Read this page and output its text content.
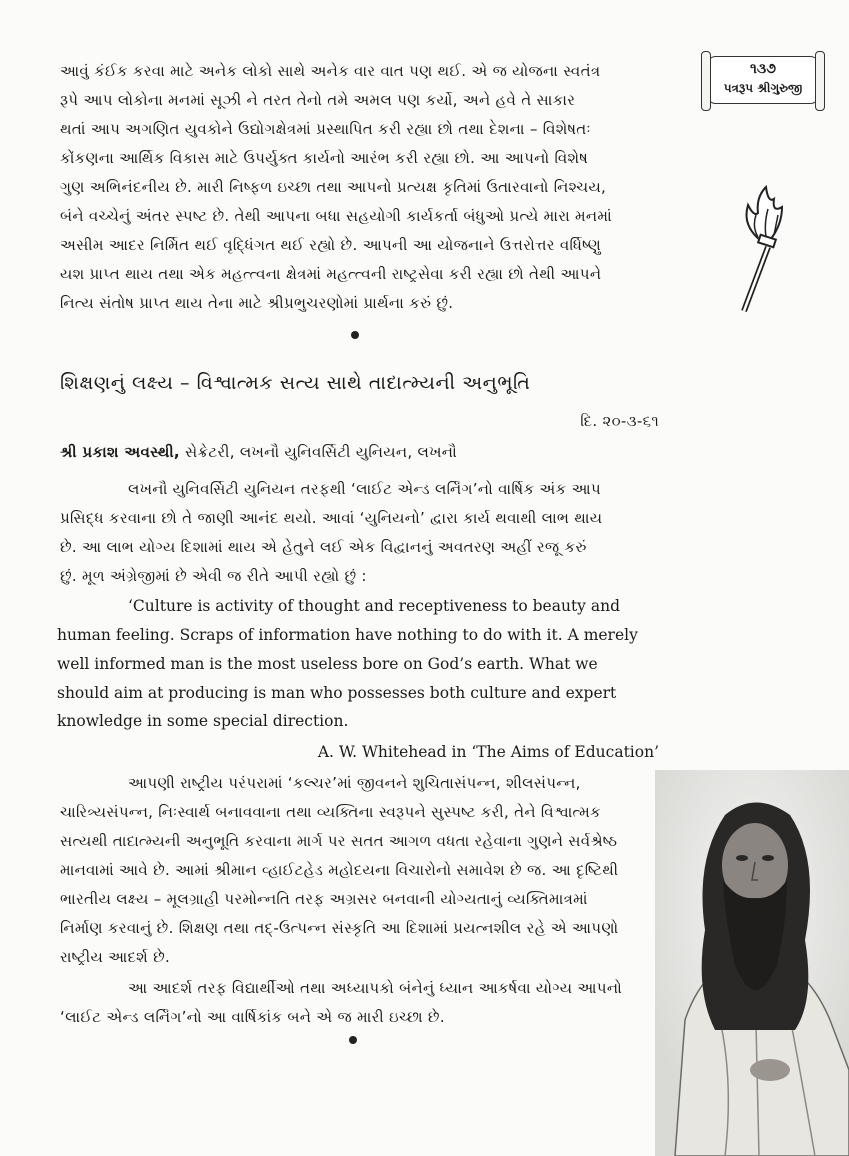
૧૩૭
પત્રરૂપ શ્રીગુરુજી
આવું કંઈક કરવા માટે અનેક લોકો સાથે અનેક વાર વાત પણ થઈ. એ જ યોજના સ્વતંત્ર
રૂપે આપ લોકોના મનમાં સૂઝી ને તરત તેનો તમે અમલ પણ કર્યો, અને હવે તે સાકાર
થતાં આપ અગણિત યુવકોને ઉદ્યોગક્ષેત્રમાં પ્રસ્થાપિત કરી રહ્યા છો તથા દેશના – વિશેષતઃ
કોંકણના આર્થિક વિકાસ માટે ઉપર્યુક્ત કાર્યનો આરંભ કરી રહ્યા છો. આ આપનો વિશેષ
ગુણ અભિનંદનીય છે. મારી નિષ્ફળ ઇચ્છા તથા આપનો પ્રત્યક્ષ કૃતિમાં ઉતારવાનો નિશ્ચય,
બંને વચ્ચેનું અંતર સ્પષ્ટ છે. તેથી આપના બધા સહયોગી કાર્યકર્તા બંધુઓ પ્રત્યે મારા મનમાં
અસીમ આદર નિર્મિત થઈ વૃદ્ધિંગત થઈ રહ્યો છે. આપની આ યોજનાને ઉત્તરોત્તર વર્ધિષ્ણુ
યશ પ્રાપ્ત થાય તથા એક મહત્ત્વના ક્ષેત્રમાં મહત્ત્વની રાષ્ટ્રસેવા કરી રહ્યા છો તેથી આપને
નિત્ય સંતોષ પ્રાપ્ત થાય તેના માટે શ્રીપ્રભુચરણોમાં પ્રાર્થના કરું છું.
શિક્ષણનું લક્ષ્ય – વિશ્વાત્મક સત્ય સાથે તાદાત્મ્યની અનુભૂતિ
દિ. ૨૦-૩-૬૧
શ્રી પ્રકાશ અવસ્થી, સેક્રેટરી, લખનૌ યુનિવર્સિટી યુનિયન, લખનૌ
લખનૌ યુનિવર્સિટી યુનિયન તરફથી ‘લાઈટ એન્ડ લર્નિંગ’નો વાર્ષિક અંક આપ
પ્રસિદ્ધ કરવાના છો તે જાણી આનંદ થયો. આવાં ‘યુનિયનો’ દ્વારા કાર્ય થવાથી લાભ થાય
છે. આ લાભ યોગ્ય દિશામાં થાય એ હેતુને લઈ એક વિદ્વાનનું અવતરણ અહીં રજૂ કરું
છું. મૂળ અંગ્રેજીમાં છે એવી જ રીતે આપી રહ્યો છું :
‘Culture is activity of thought and receptiveness to beauty and
human feeling. Scraps of information have nothing to do with it. A merely
well informed man is the most useless bore on God’s earth. What we
should aim at producing is man who possesses both culture and expert
knowledge in some special direction.
A. W. Whitehead in ‘The Aims of Education’
આપણી રાષ્ટ્રીય પરંપરામાં ‘કલ્ચર’માં જીવનને શુચિતાસંપન્ન, શીલસંપન્ન,
ચારિત્ર્યસંપન્ન, નિઃસ્વાર્થ બનાવવાના તથા વ્યક્તિના સ્વરૂપને સુસ્પષ્ટ કરી, તેને વિશ્વાત્મક
સત્યથી તાદાત્મ્યની અનુભૂતિ કરવાના માર્ગ પર સતત આગળ વધતા રહેવાના ગુણને સર્વશ્રેષ્ઠ
માનવામાં આવે છે. આમાં શ્રીમાન વ્હાઈટહેડ મહોદયના વિચારોનો સમાવેશ છે જ. આ દૃષ્ટિથી
ભારતીય લક્ષ્ય – મૂલગ્રાહી પરમોન્નતિ તરફ અગ્રસર બનવાની યોગ્યતાનું વ્યક્તિમાત્રમાં
નિર્માણ કરવાનું છે. શિક્ષણ તથા તદ્-ઉત્પન્ન સંસ્કૃતિ આ દિશામાં પ્રયત્નશીલ રહે એ આપણો
રાષ્ટ્રીય આદર્શ છે.
આ આદર્શ તરફ વિદ્યાર્થીઓ તથા અધ્યાપકો બંનેનું ધ્યાન આકર્ષવા યોગ્ય આપનો
‘લાઈટ એન્ડ લર્નિંગ’નો આ વાર્ષિકાંક બને એ જ મારી ઇચ્છા છે.
